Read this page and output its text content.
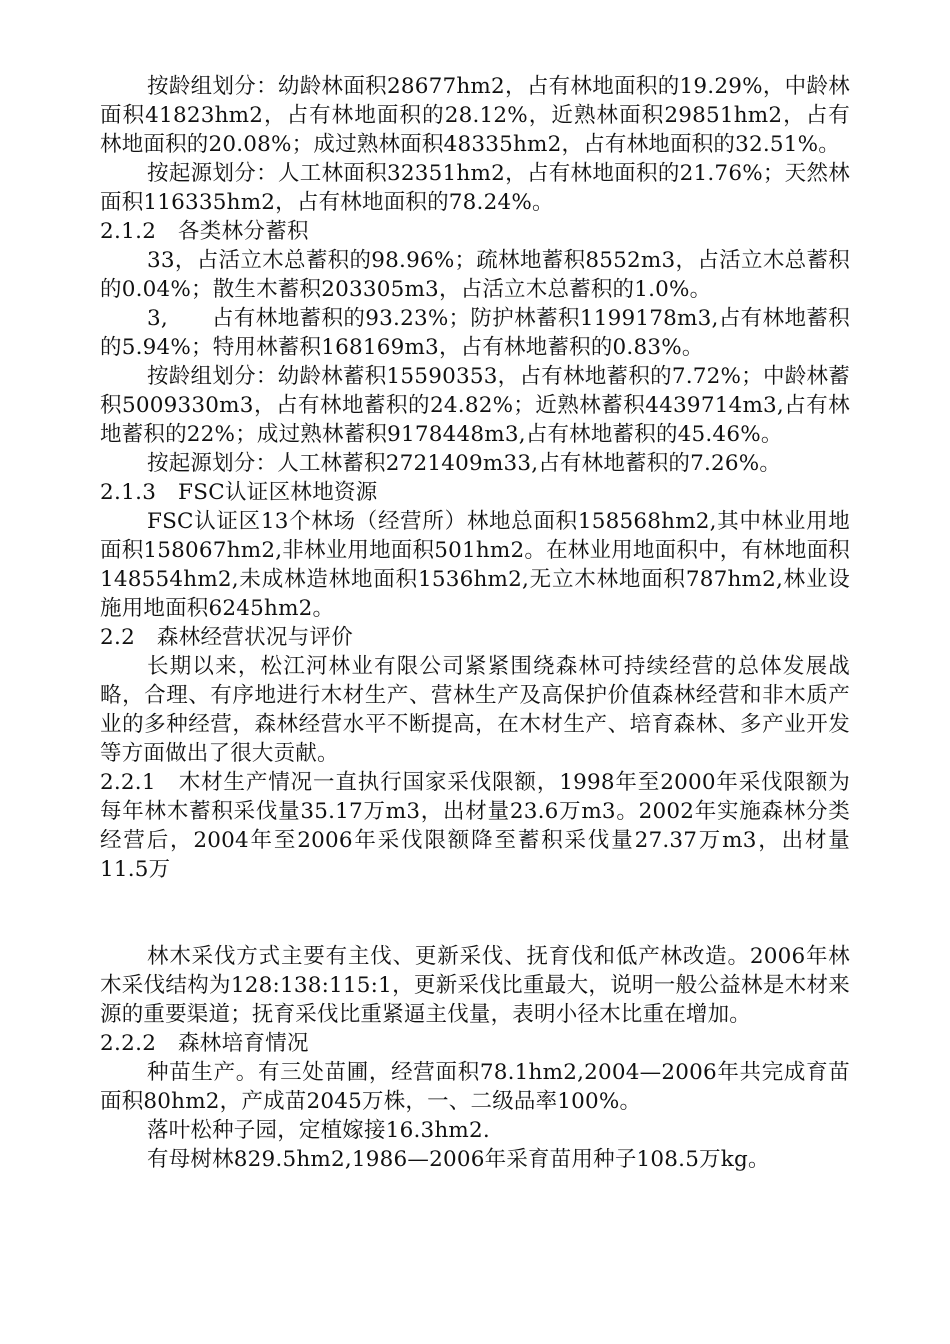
按龄组划分：幼龄林面积28677hm2，占有林地面积的19.29%，中龄林面积41823hm2，占有林地面积的28.12%，近熟林面积29851hm2，占有林地面积的20.08%；成过熟林面积48335hm2，占有林地面积的32.51%。

按起源划分：人工林面积32351hm2，占有林地面积的21.76%；天然林面积116335hm2，占有林地面积的78.24%。

2.1.2　各类林分蓄积

33，占活立木总蓄积的98.96%；疏林地蓄积8552m3，占活立木总蓄积的0.04%；散生木蓄积203305m3，占活立木总蓄积的1.0%。

3,　　占有林地蓄积的93.23%；防护林蓄积1199178m3,占有林地蓄积的5.94%；特用林蓄积168169m3，占有林地蓄积的0.83%。

按龄组划分：幼龄林蓄积15590353，占有林地蓄积的7.72%；中龄林蓄积5009330m3，占有林地蓄积的24.82%；近熟林蓄积4439714m3,占有林地蓄积的22%；成过熟林蓄积9178448m3,占有林地蓄积的45.46%。

按起源划分：人工林蓄积2721409m33,占有林地蓄积的7.26%。

2.1.3　FSC认证区林地资源

FSC认证区13个林场（经营所）林地总面积158568hm2,其中林业用地面积158067hm2,非林业用地面积501hm2。在林业用地面积中，有林地面积148554hm2,未成林造林地面积1536hm2,无立木林地面积787hm2,林业设施用地面积6245hm2。

2.2　森林经营状况与评价

长期以来，松江河林业有限公司紧紧围绕森林可持续经营的总体发展战略，合理、有序地进行木材生产、营林生产及高保护价值森林经营和非木质产业的多种经营，森林经营水平不断提高，在木材生产、培育森林、多产业开发等方面做出了很大贡献。

2.2.1　木材生产情况一直执行国家采伐限额，1998年至2000年采伐限额为每年林木蓄积采伐量35.17万m3，出材量23.6万m3。2002年实施森林分类经营后，2004年至2006年采伐限额降至蓄积采伐量27.37万m3，出材量11.5万

林木采伐方式主要有主伐、更新采伐、抚育伐和低产林改造。2006年林木采伐结构为128:138:115:1，更新采伐比重最大，说明一般公益林是木材来源的重要渠道；抚育采伐比重紧逼主伐量，表明小径木比重在增加。

2.2.2　森林培育情况

种苗生产。有三处苗圃，经营面积78.1hm2,2004—2006年共完成育苗面积80hm2，产成苗2045万株，一、二级品率100%。

落叶松种子园，定植嫁接16.3hm2.

有母树林829.5hm2,1986—2006年采育苗用种子108.5万kg。
